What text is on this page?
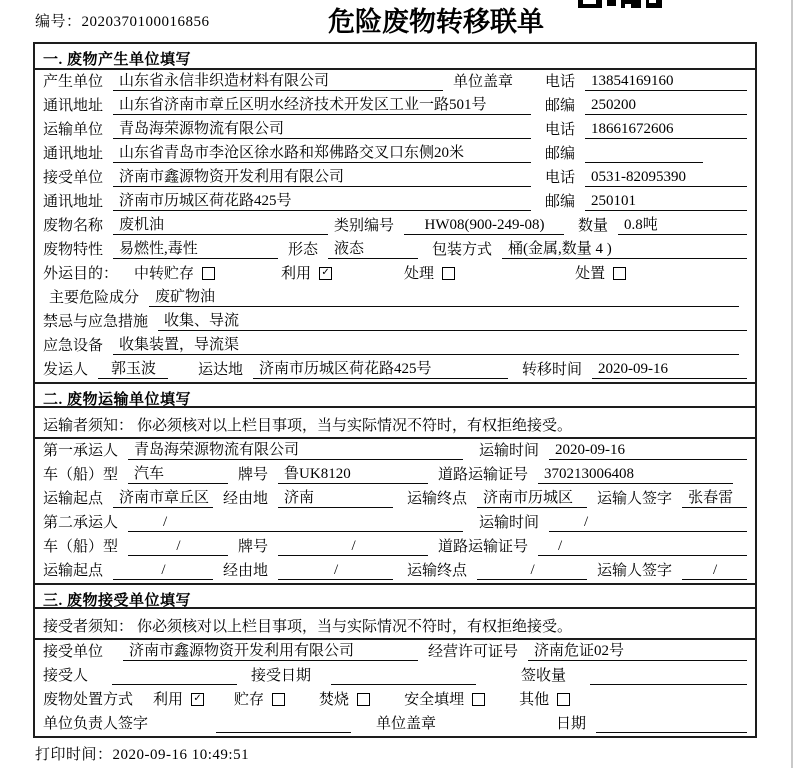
编号：2020370100016856	危险废物转移联单
一. 废物产生单位填写
产生单位	山东省永信非织造材料有限公司	单位盖章 电话	13854169160
通讯地址	山东省济南市章丘区明水经济技术开发区工业一路501号	邮编	250200
运输单位	青岛海荣源物流有限公司	电话	18661672606
通讯地址	山东省青岛市李沧区徐水路和郑佛路交叉口东侧20米	邮编
接受单位	济南市鑫源物资开发利用有限公司	电话	0531-82095390
通讯地址	济南市历城区荷花路425号	邮编	250101
废物名称	废机油	类别编号	HW08(900-249-08)	数量	0.8吨
废物特性	易燃性,毒性	形态	液态	包装方式	桶(金属,数量 4 )
外运目的： 中转贮存	利用 ✓	处理	处置
主要危险成分	废矿物油
禁忌与应急措施	收集、导流
应急设备	收集装置，导流渠
发运人	郭玉波	运达地	济南市历城区荷花路425号	转移时间	2020-09-16
二. 废物运输单位填写
运输者须知： 你必须核对以上栏目事项，当与实际情况不符时，有权拒绝接受。
第一承运人	青岛海荣源物流有限公司	运输时间	2020-09-16
车（船）型	汽车	牌号	鲁UK8120	道路运输证号	370213006408
运输起点	济南市章丘区 经由地	济南	运输终点	济南市历城区	运输人签字	张春雷
第二承运人	/	运输时间	/
车（船）型	/	牌号	/	道路运输证号	/
运输起点	/	经由地	/	运输终点	/	运输人签字	/
三. 废物接受单位填写
接受者须知： 你必须核对以上栏目事项，当与实际情况不符时，有权拒绝接受。
接受单位	济南市鑫源物资开发利用有限公司	经营许可证号	济南危证02号
接受人	接受日期	签收量
废物处置方式 利用 ✓ 贮存	焚烧	安全填埋	其他
单位负责人签字	单位盖章	日期
打印时间：2020-09-16 10:49:51
